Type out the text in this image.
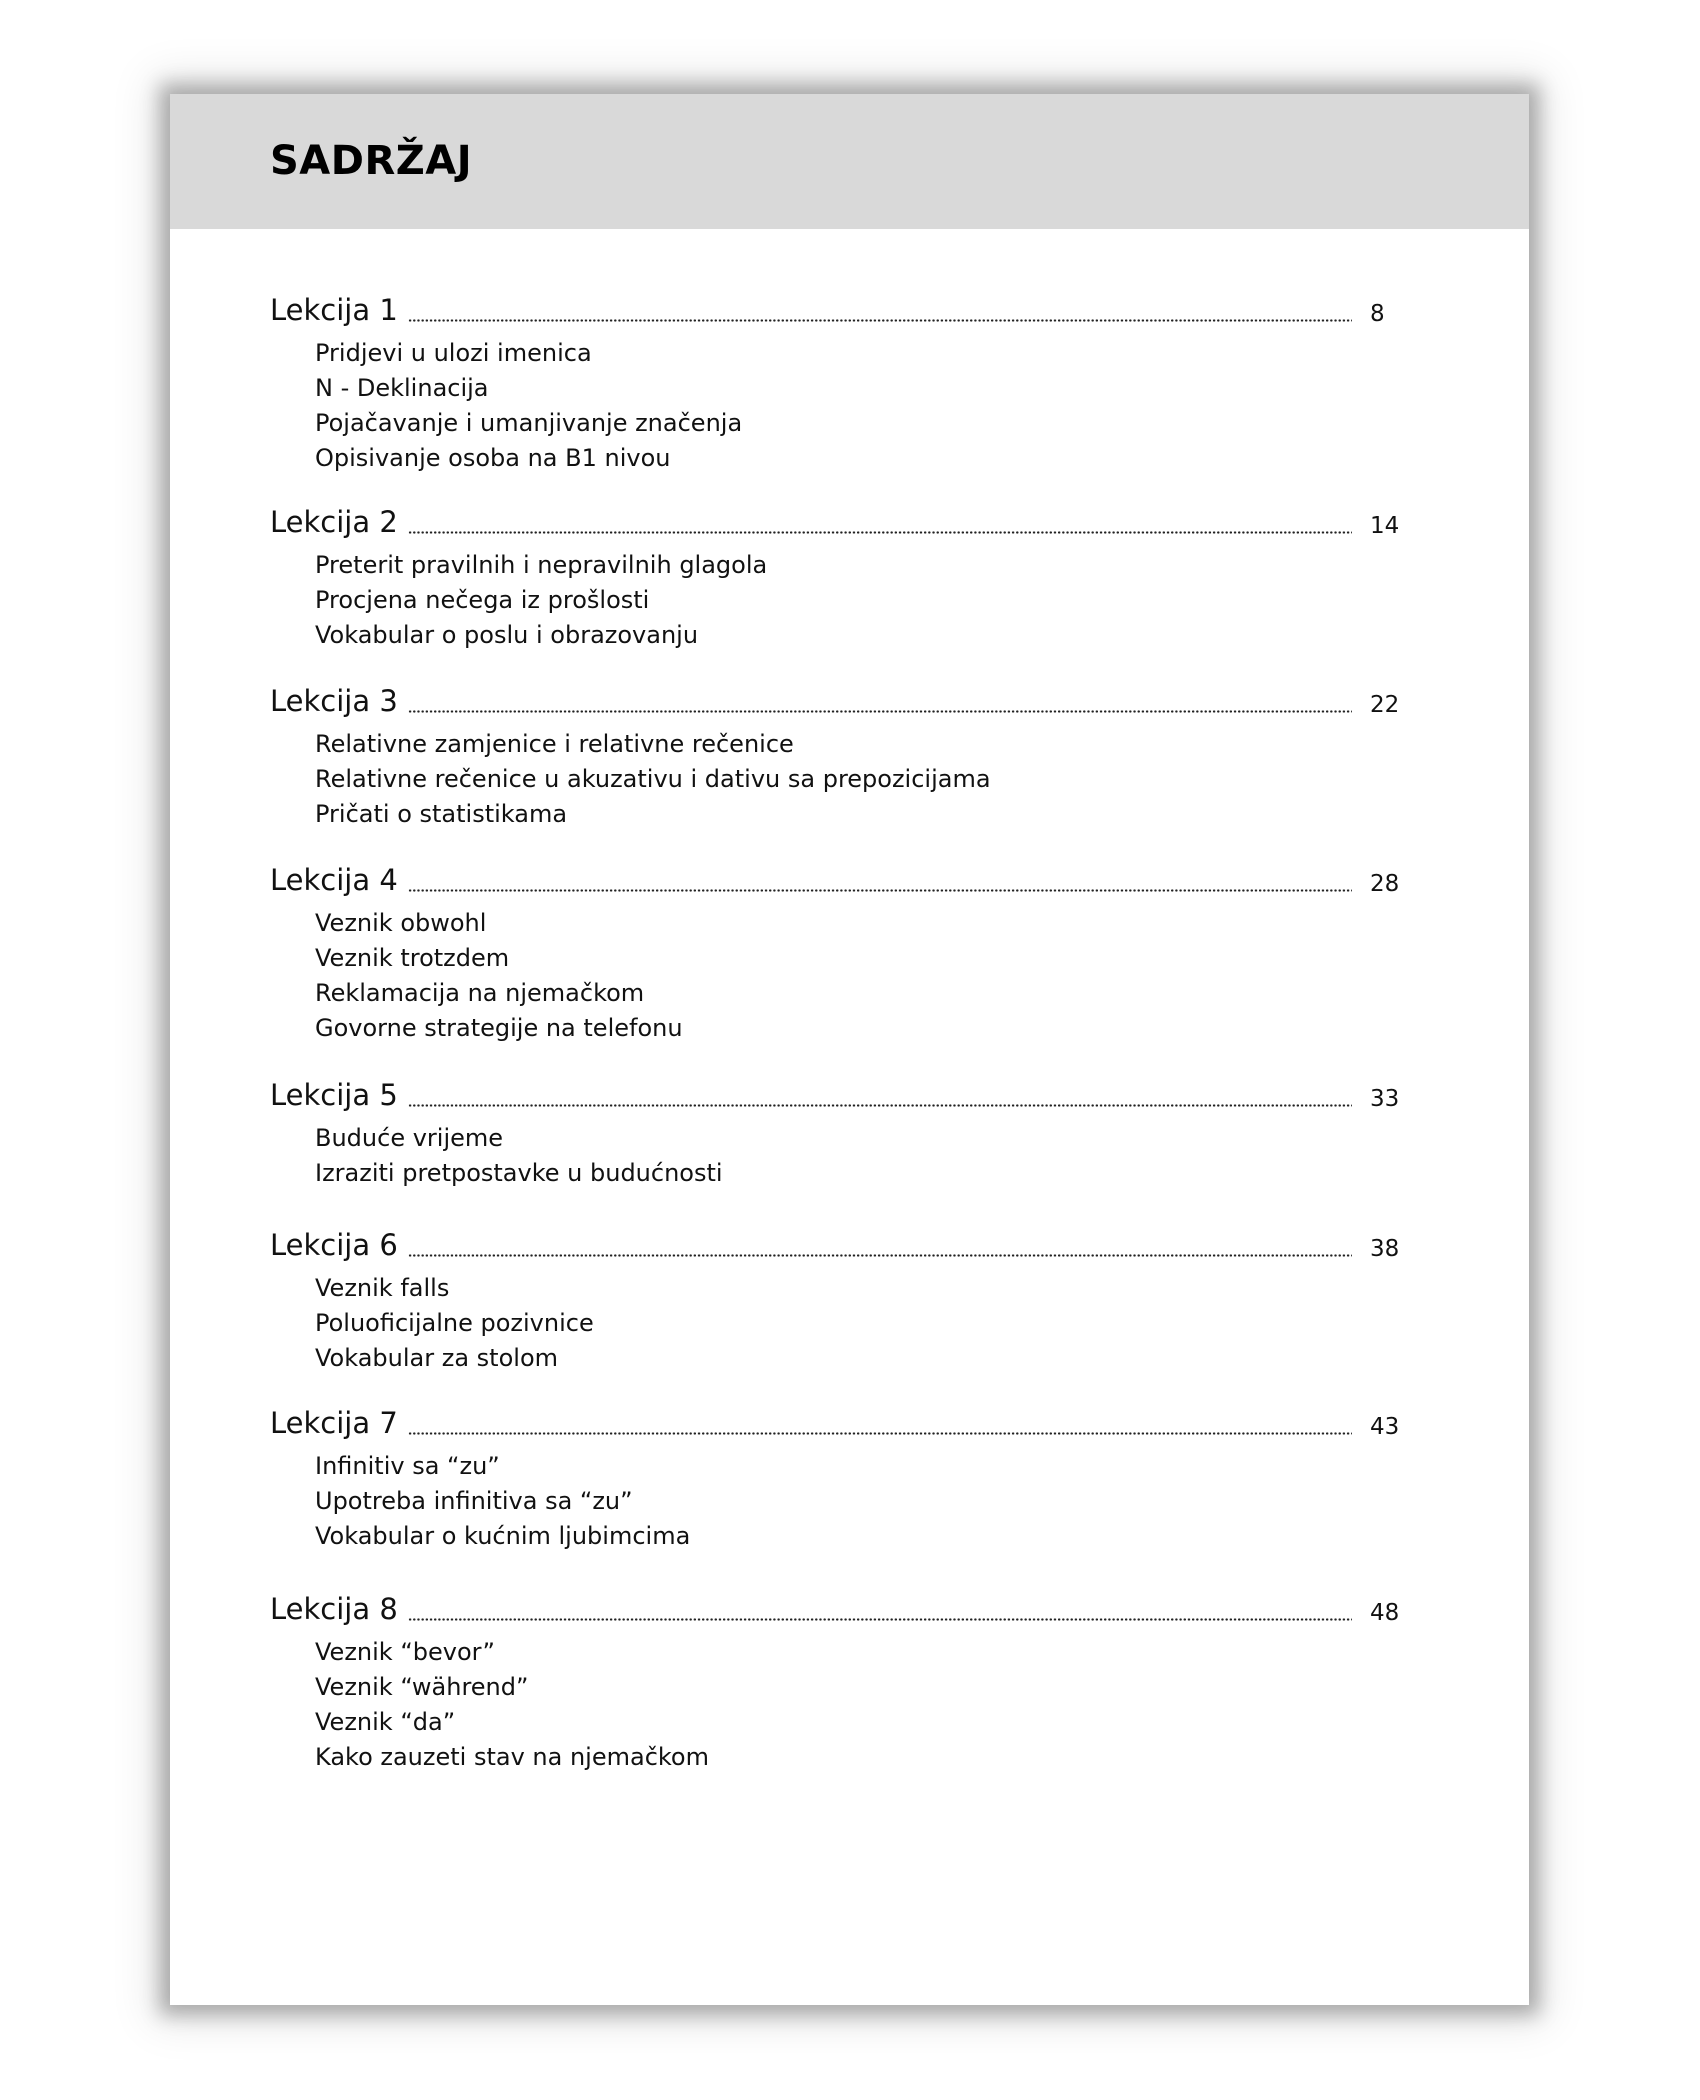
SADRŽAJ
Lekcija 1	8
Pridjevi u ulozi imenica
N - Deklinacija
Pojačavanje i umanjivanje značenja
Opisivanje osoba na B1 nivou
Lekcija 2	14
Preterit pravilnih i nepravilnih glagola
Procjena nečega iz prošlosti
Vokabular o poslu i obrazovanju
Lekcija 3	22
Relativne zamjenice i relativne rečenice
Relativne rečenice u akuzativu i dativu sa prepozicijama
Pričati o statistikama
Lekcija 4	28
Veznik obwohl
Veznik trotzdem
Reklamacija na njemačkom
Govorne strategije na telefonu
Lekcija 5	33
Buduće vrijeme
Izraziti pretpostavke u budućnosti
Lekcija 6	38
Veznik falls
Poluoficijalne pozivnice
Vokabular za stolom
Lekcija 7	43
Infinitiv sa “zu”
Upotreba infinitiva sa “zu”
Vokabular o kućnim ljubimcima
Lekcija 8	48
Veznik “bevor”
Veznik “während”
Veznik “da”
Kako zauzeti stav na njemačkom
